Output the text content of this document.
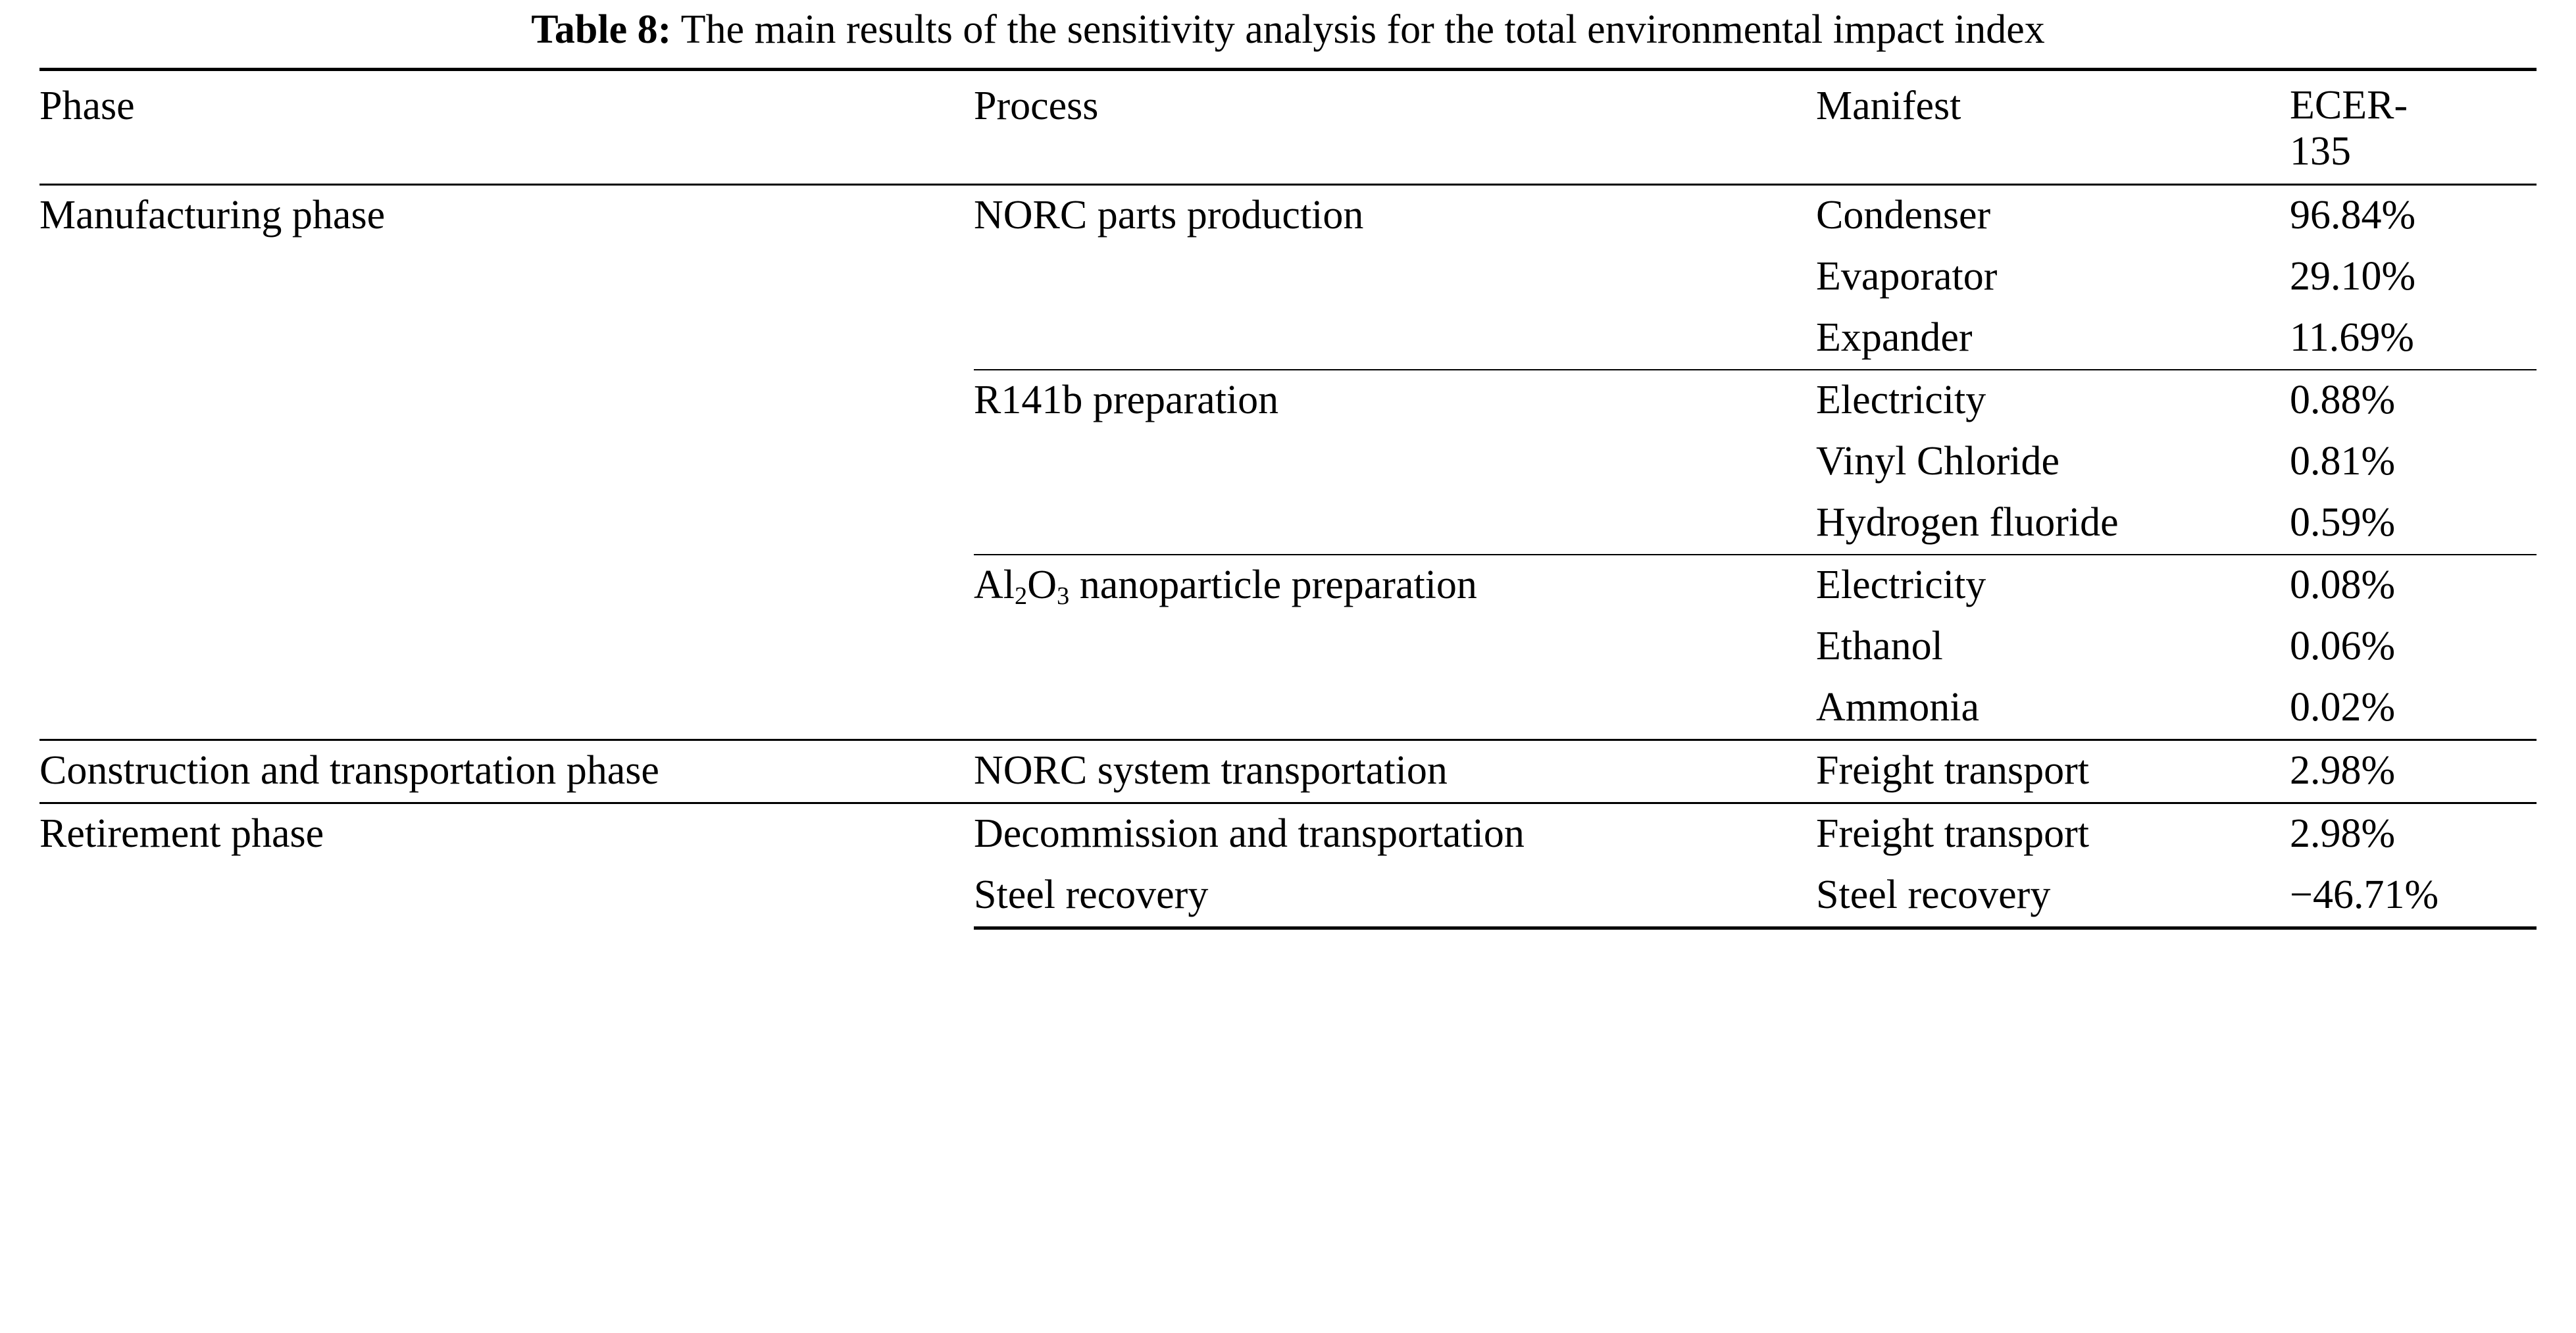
Table 8: The main results of the sensitivity analysis for the total environmental impact index
Phase	Process	Manifest	ECER-
135

Manufacturing phase	NORC parts production	Condenser	96.84%
		Evaporator	29.10%
		Expander	11.69%
	R141b preparation	Electricity	0.88%
		Vinyl Chloride	0.81%
		Hydrogen fluoride	0.59%
	$Al_2O_3$ nanoparticle preparation	Electricity	0.08%
		Ethanol	0.06%
		Ammonia	0.02%
Construction and transportation phase	NORC system transportation	Freight transport	2.98%
Retirement phase	Decommission and transportation	Freight transport	2.98%
	Steel recovery	Steel recovery	−46.71%
